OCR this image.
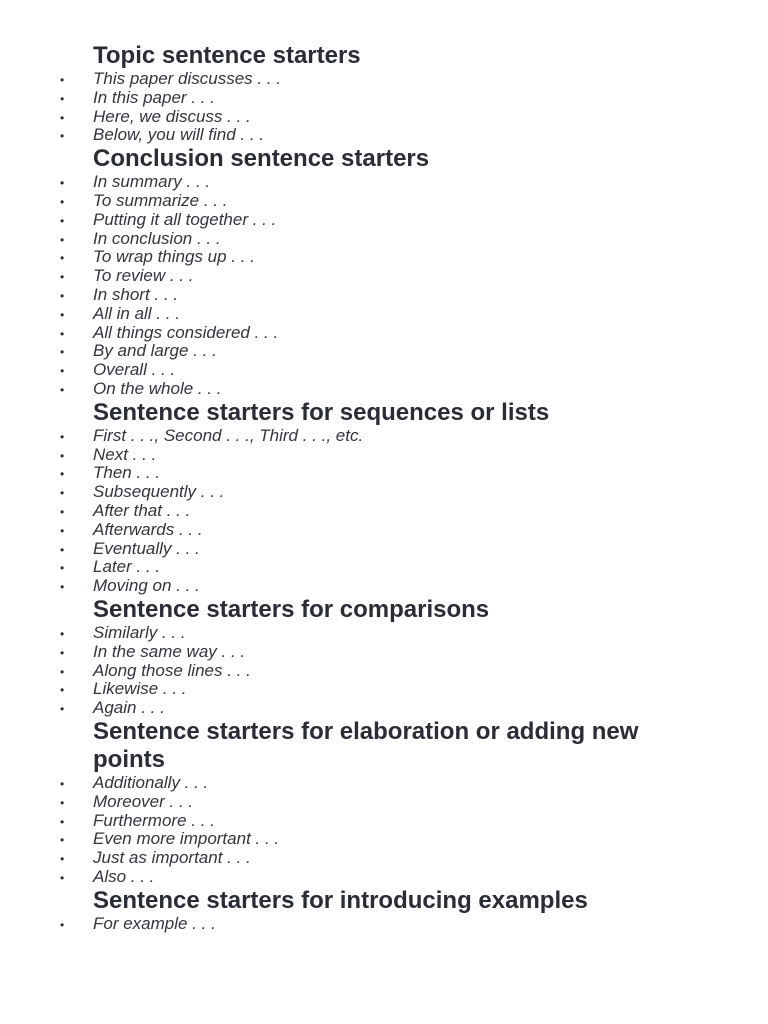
Topic sentence starters
• This paper discusses . . .
• In this paper . . .
• Here, we discuss . . .
• Below, you will find . . .
Conclusion sentence starters
• In summary . . .
• To summarize . . .
• Putting it all together . . .
• In conclusion . . .
• To wrap things up . . .
• To review . . .
• In short . . .
• All in all . . .
• All things considered . . .
• By and large . . .
• Overall . . .
• On the whole . . .
Sentence starters for sequences or lists
• First . . ., Second . . ., Third . . ., etc.
• Next . . .
• Then . . .
• Subsequently . . .
• After that . . .
• Afterwards . . .
• Eventually . . .
• Later . . .
• Moving on . . .
Sentence starters for comparisons
• Similarly . . .
• In the same way . . .
• Along those lines . . .
• Likewise . . .
• Again . . .
Sentence starters for elaboration or adding new points
• Additionally . . .
• Moreover . . .
• Furthermore . . .
• Even more important . . .
• Just as important . . .
• Also . . .
Sentence starters for introducing examples
• For example . . .
